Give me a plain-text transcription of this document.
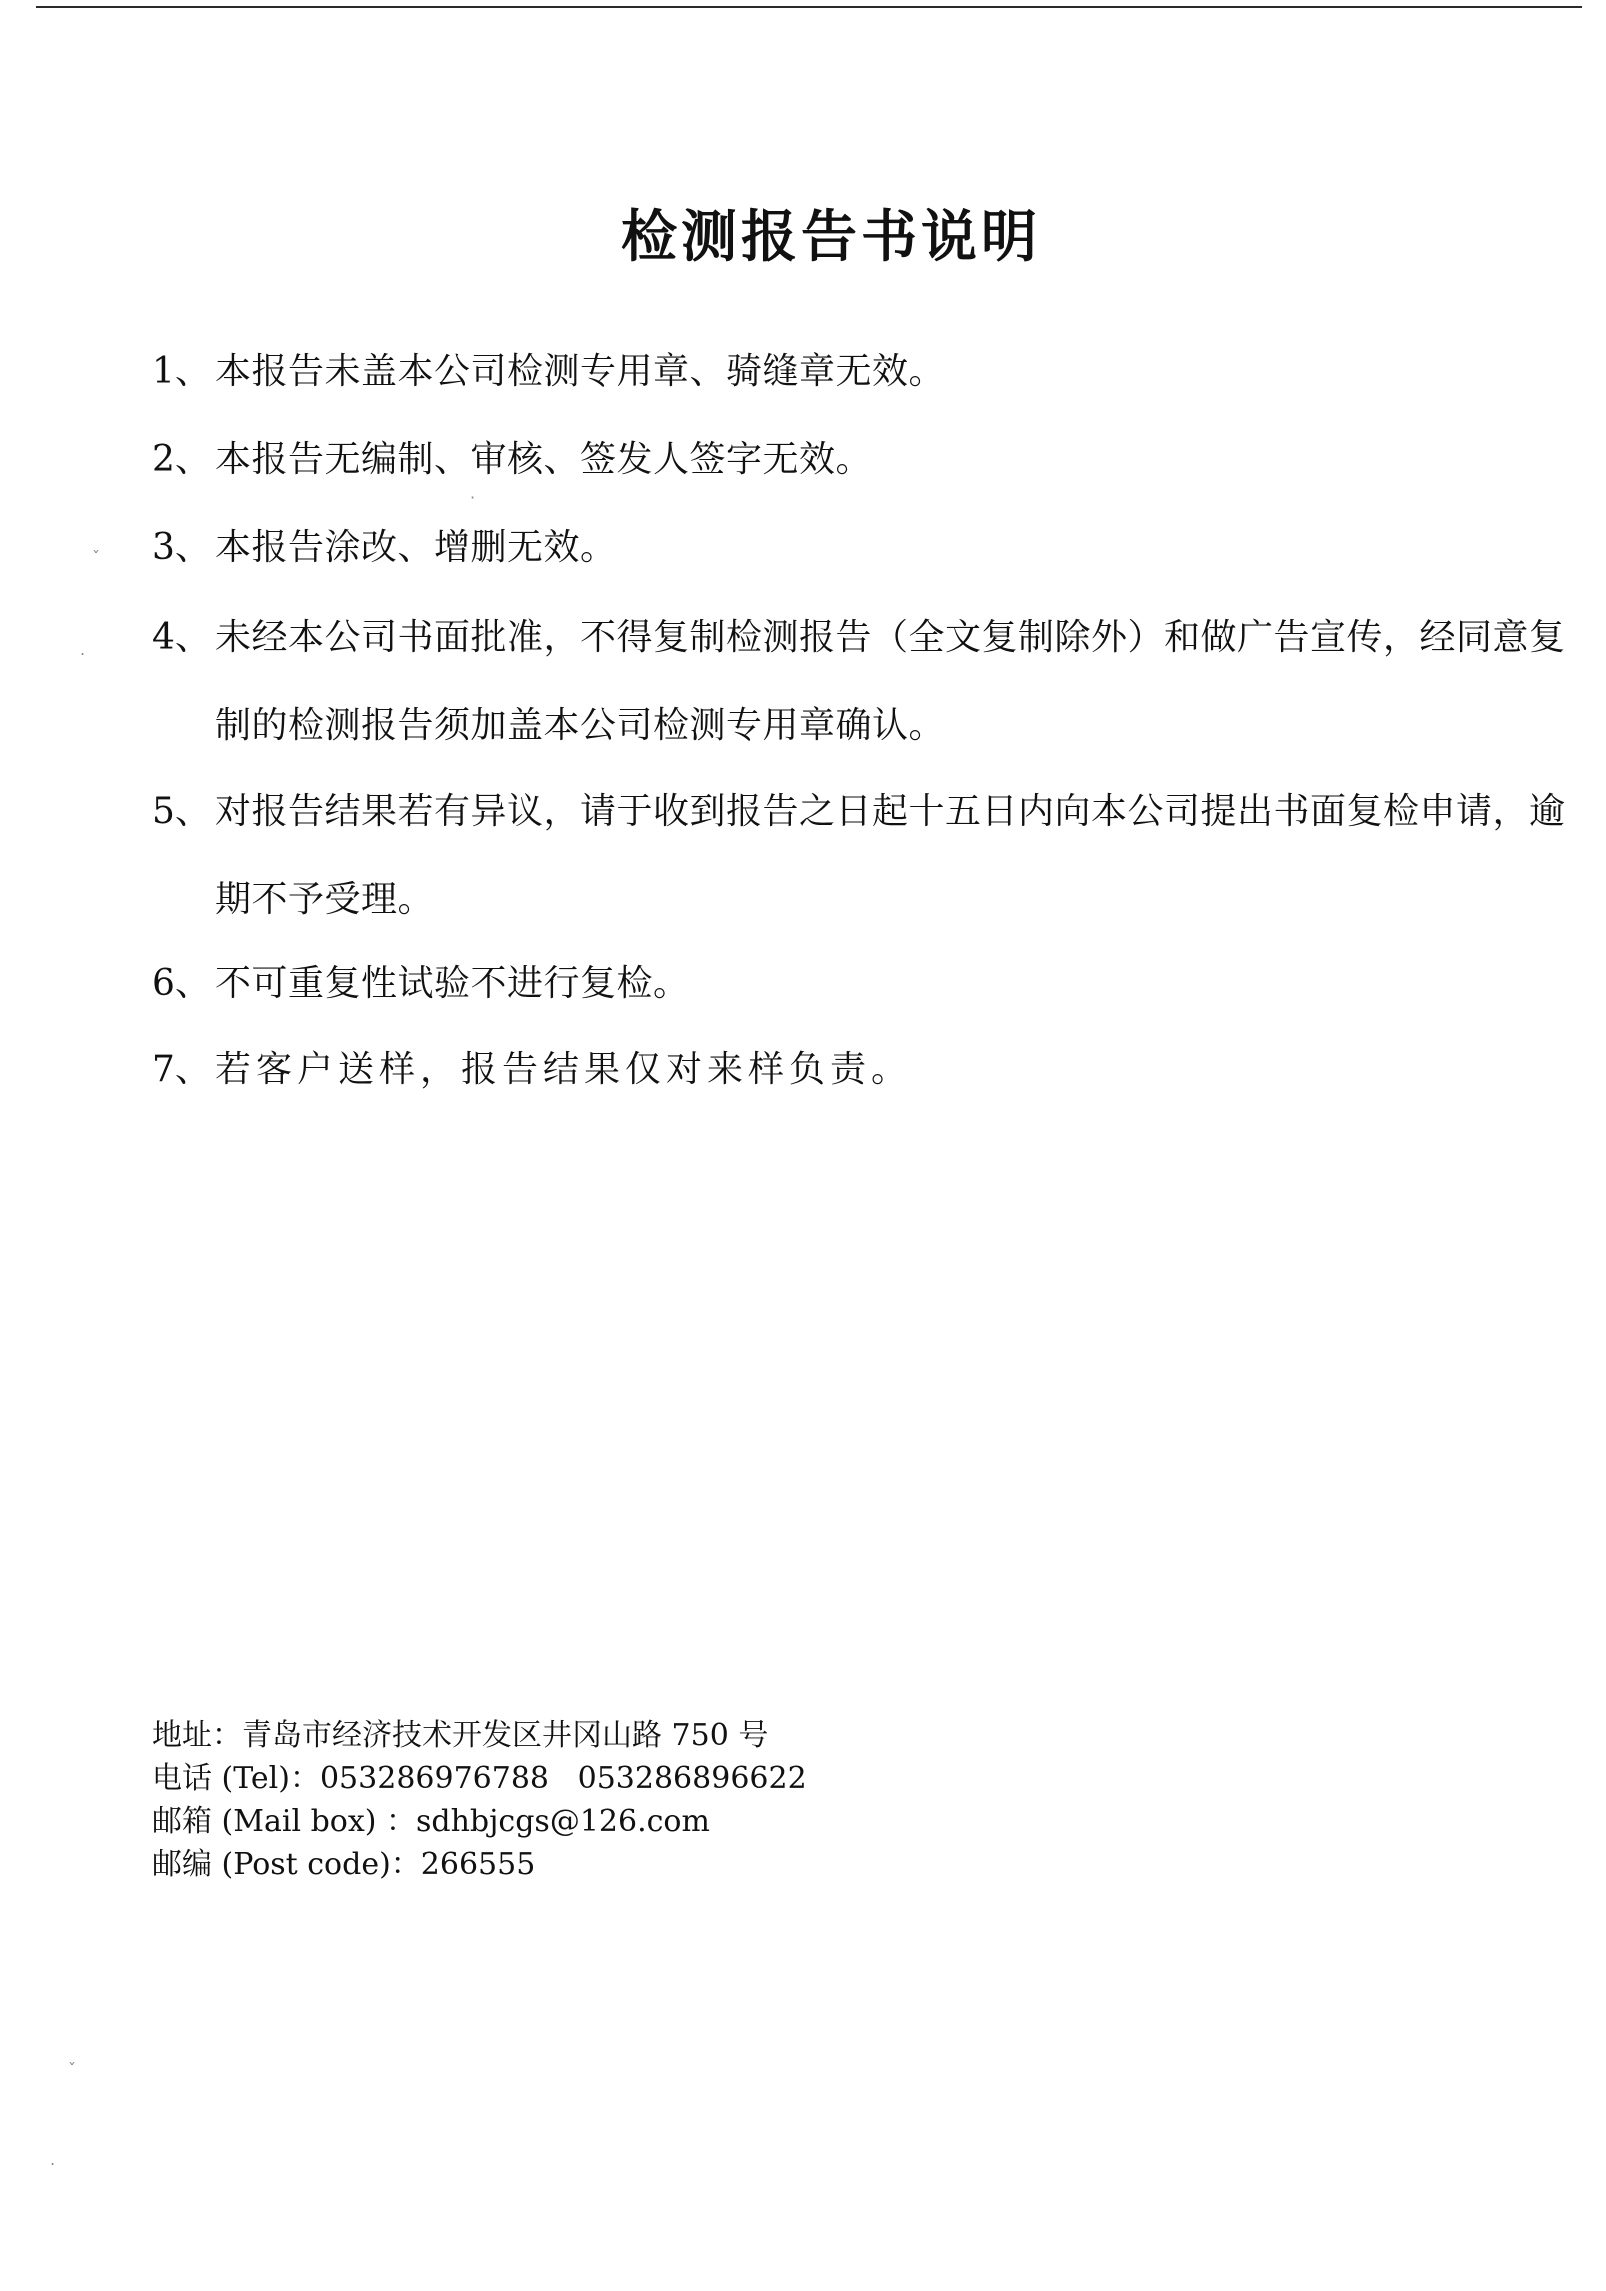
检测报告书说明
1、 本报告未盖本公司检测专用章、骑缝章无效。
2、 本报告无编制、审核、签发人签字无效。
3、 本报告涂改、增删无效。
4、 未经本公司书面批准，不得复制检测报告（全文复制除外）和做广告宣传，经同意复制的检测报告须加盖本公司检测专用章确认。
5、 对报告结果若有异议，请于收到报告之日起十五日内向本公司提出书面复检申请，逾期不予受理。
6、 不可重复性试验不进行复检。
7、 若客户送样，报告结果仅对来样负责。
地址：青岛市经济技术开发区井冈山路 750 号
电话 (Tel)：053286976788   053286896622
邮箱 (Mail box) ：sdhbjcgs@126.com
邮编 (Post code)：266555
ˇ
.
ˇ
.
·
